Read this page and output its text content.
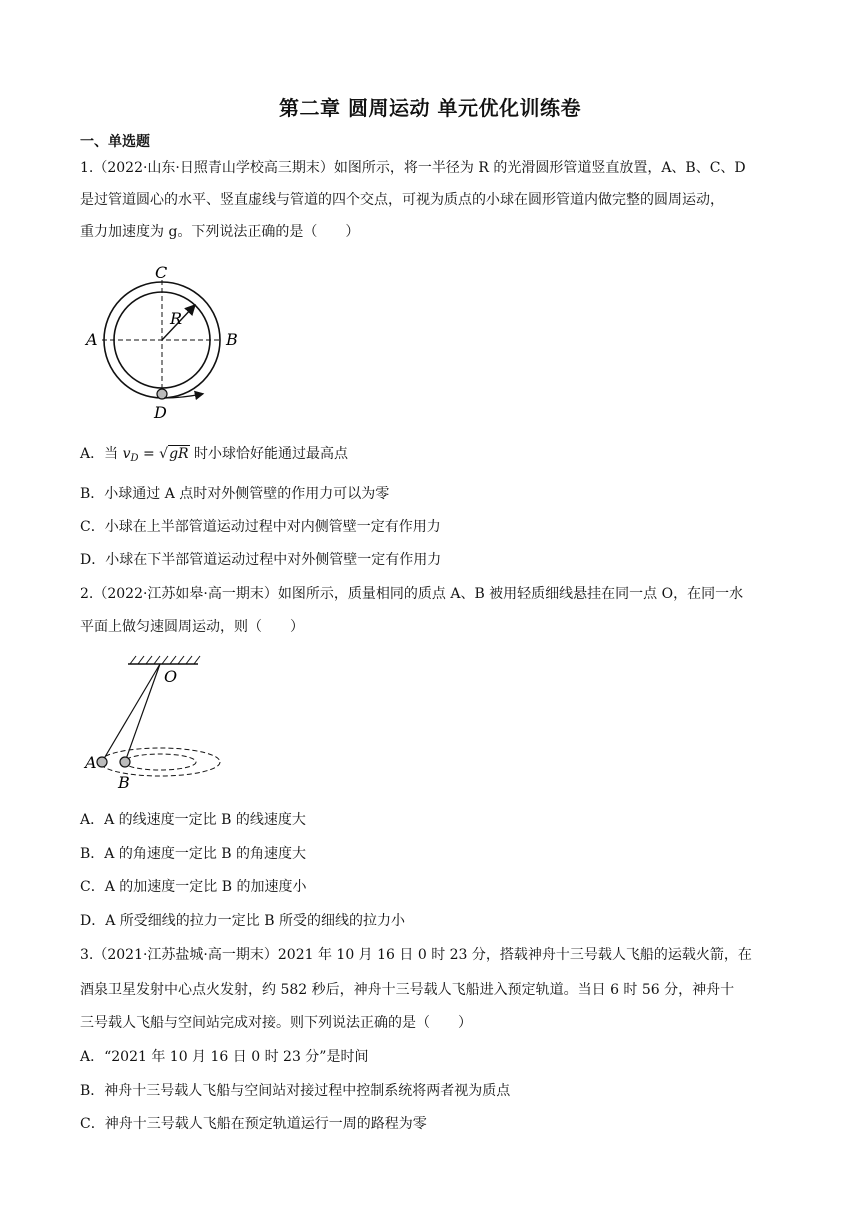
第二章 圆周运动 单元优化训练卷
一、单选题
1.（2022·山东·日照青山学校高三期末）如图所示，将一半径为 R 的光滑圆形管道竖直放置，A、B、C、D
是过管道圆心的水平、竖直虚线与管道的四个交点，可视为质点的小球在圆形管道内做完整的圆周运动，
重力加速度为 g。下列说法正确的是（　　）
C
A	B
D
R
A．当 $v_D = √gR$ 时小球恰好能通过最高点
B．小球通过 A 点时对外侧管壁的作用力可以为零
C．小球在上半部管道运动过程中对内侧管壁一定有作用力
D．小球在下半部管道运动过程中对外侧管壁一定有作用力
2.（2022·江苏如皋·高一期末）如图所示，质量相同的质点 A、B 被用轻质细线悬挂在同一点 O，在同一水
平面上做匀速圆周运动，则（　　）
O
A
B
A．A 的线速度一定比 B 的线速度大
B．A 的角速度一定比 B 的角速度大
C．A 的加速度一定比 B 的加速度小
D．A 所受细线的拉力一定比 B 所受的细线的拉力小
3.（2021·江苏盐城·高一期末）2021 年 10 月 16 日 0 时 23 分，搭载神舟十三号载人飞船的运载火箭，在
酒泉卫星发射中心点火发射，约 582 秒后，神舟十三号载人飞船进入预定轨道。当日 6 时 56 分，神舟十
三号载人飞船与空间站完成对接。则下列说法正确的是（　　）
A．“2021 年 10 月 16 日 0 时 23 分”是时间
B．神舟十三号载人飞船与空间站对接过程中控制系统将两者视为质点
C．神舟十三号载人飞船在预定轨道运行一周的路程为零
